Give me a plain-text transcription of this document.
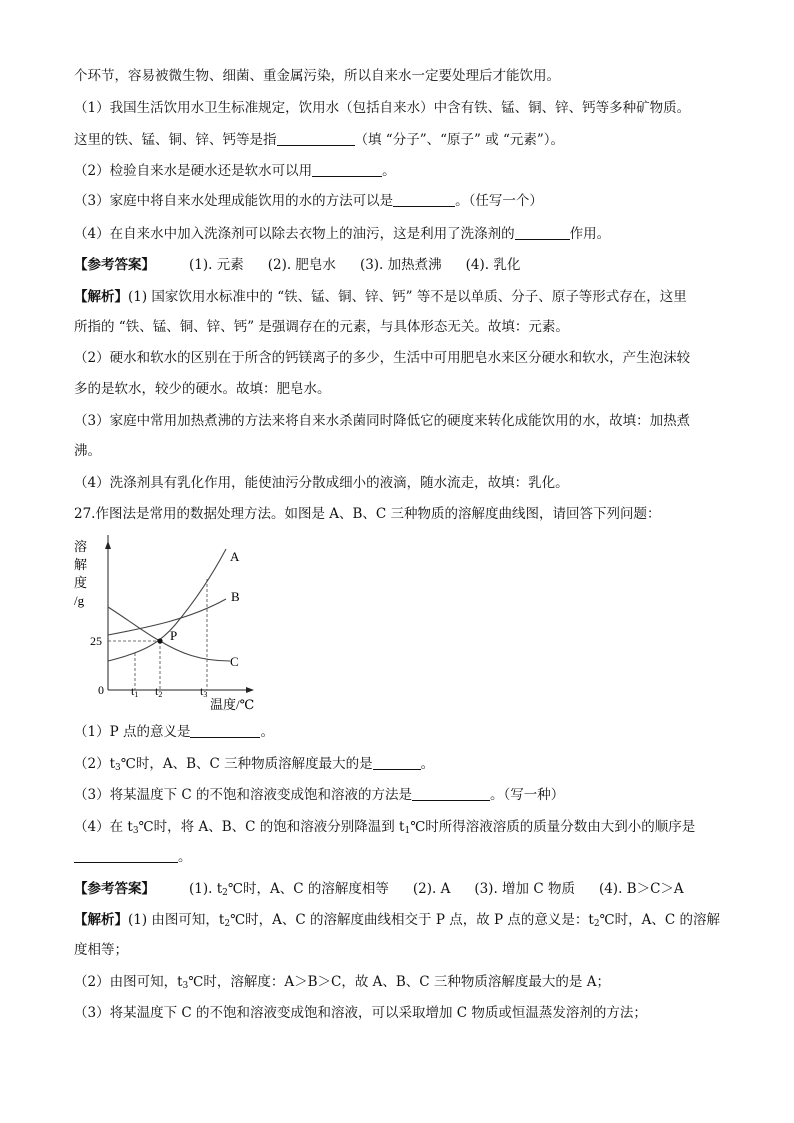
个环节，容易被微生物、细菌、重金属污染，所以自来水一定要处理后才能饮用。
（1）我国生活饮用水卫生标准规定，饮用水（包括自来水）中含有铁、锰、铜、锌、钙等多种矿物质。
这里的铁、锰、铜、锌、钙等是指	（填 “分子”、“原子” 或 “元素”）。
（2）检验自来水是硬水还是软水可以用	。
（3）家庭中将自来水处理成能饮用的水的方法可以是	。（任写一个）
（4）在自来水中加入洗涤剂可以除去衣物上的油污，这是利用了洗涤剂的	作用。
【参考答案】	(1). 元素 (2). 肥皂水 (3). 加热煮沸 (4). 乳化
【解析】(1) 国家饮用水标准中的 “铁、锰、铜、锌、钙” 等不是以单质、分子、原子等形式存在，这里
所指的 “铁、锰、铜、锌、钙” 是强调存在的元素，与具体形态无关。故填：元素。
（2）硬水和软水的区别在于所含的钙镁离子的多少，生活中可用肥皂水来区分硬水和软水，产生泡沫较
多的是软水，较少的硬水。故填：肥皂水。
（3）家庭中常用加热煮沸的方法来将自来水杀菌同时降低它的硬度来转化成能饮用的水，故填：加热煮
沸。
（4）洗涤剂具有乳化作用，能使油污分散成细小的液滴，随水流走，故填：乳化。
27.作图法是常用的数据处理方法。如图是 A、B、C 三种物质的溶解度曲线图，请回答下列问题：
P
A
B
C
溶
解
度
/g
25
0 t1 t2	t3
温度/℃
（1）P 点的意义是	。
$(2)t_3℃$时，A、B、C 三种物质溶解度最大的是	。
（3）将某温度下 C 的不饱和溶液变成饱和溶液的方法是	。（写一种）
（4）在 $t_3℃$时，将 A、B、C 的饱和溶液分别降温到 $t_1℃$时所得溶液溶质的质量分数由大到小的顺序是
。
【参考答案】	(1). $t_2℃$时，A、C 的溶解度相等 (2). A (3). 增加 C 物质 (4). B＞C＞A
【解析】(1) 由图可知，$t_2℃$时，A、C 的溶解度曲线相交于 P 点，故 P 点的意义是：$t_2℃$时，A、C 的溶解
度相等；
（2）由图可知，$t_3℃$时，溶解度：A＞B＞C，故 A、B、C 三种物质溶解度最大的是 A；
（3）将某温度下 C 的不饱和溶液变成饱和溶液，可以采取增加 C 物质或恒温蒸发溶剂的方法；
